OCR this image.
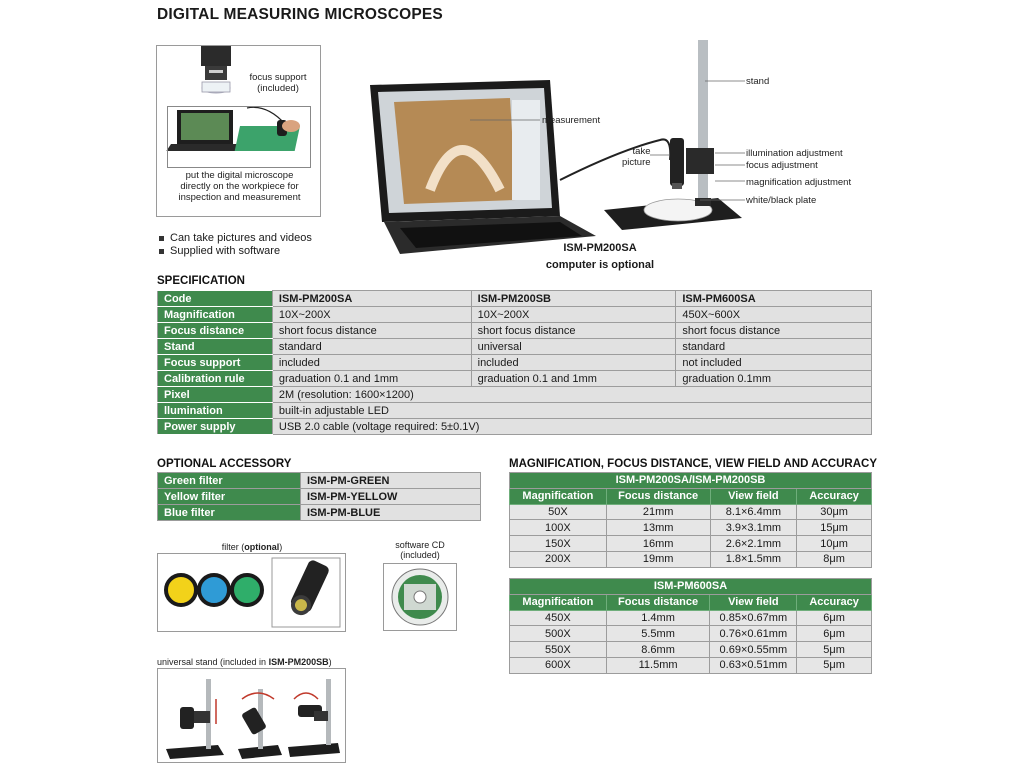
DIGITAL MEASURING MICROSCOPES
focus support
(included)
put the digital microscope
directly on the workpiece for
inspection and measurement
Can take pictures and videos
Supplied with software
measurement
stand
take
picture
illumination adjustment
focus adjustment
magnification adjustment
white/black plate
ISM-PM200SA
computer is optional
SPECIFICATION
Code	ISM-PM200SA	ISM-PM200SB	ISM-PM600SA
Magnification	10X~200X	10X~200X	450X~600X
Focus distance	short focus distance	short focus distance	short focus distance
Stand	standard	universal	standard
Focus support	included	included	not included
Calibration rule	graduation 0.1 and 1mm	graduation 0.1 and 1mm	graduation 0.1mm
Pixel	2M (resolution: 1600×1200)		
llumination	built-in adjustable LED		
Power supply	USB 2.0 cable (voltage required: 5±0.1V)		
OPTIONAL ACCESSORY
Green filter	ISM-PM-GREEN
Yellow filter	ISM-PM-YELLOW
Blue filter	ISM-PM-BLUE
filter (optional)	software CD
(included)
universal stand (included in ISM-PM200SB)
MAGNIFICATION, FOCUS DISTANCE, VIEW FIELD AND ACCURACY
ISM-PM200SA/ISM-PM200SB			
Magnification	Focus distance	View field	Accuracy
50X	21mm	8.1×6.4mm	30μm
100X	13mm	3.9×3.1mm	15μm
150X	16mm	2.6×2.1mm	10μm
200X	19mm	1.8×1.5mm	8μm
ISM-PM600SA			
Magnification	Focus distance	View field	Accuracy
450X	1.4mm	0.85×0.67mm	6μm
500X	5.5mm	0.76×0.61mm	6μm
550X	8.6mm	0.69×0.55mm	5μm
600X	11.5mm	0.63×0.51mm	5μm
